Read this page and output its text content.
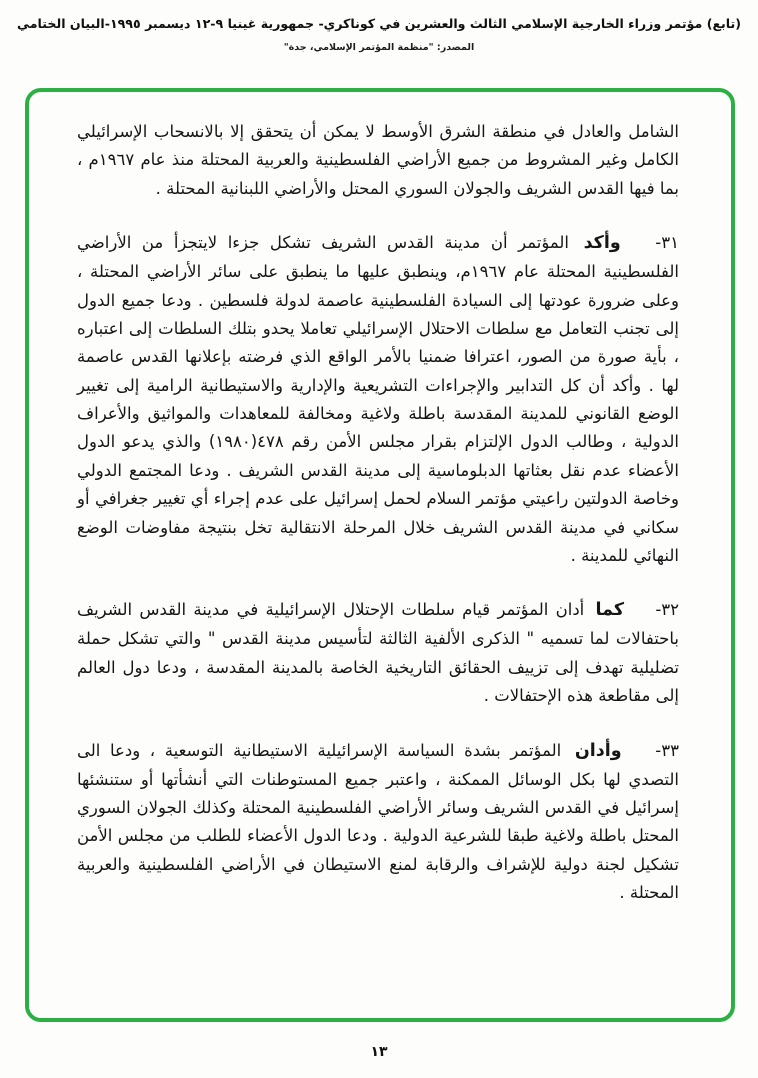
(تابع) مؤتمر وزراء الخارجية الإسلامي الثالث والعشرين في كوناكري- جمهورية غينيا ٩-١٢ ديسمبر ١٩٩٥-البيان الختامي
المصدر: "منظمة المؤتمر الإسلامي، جدة"

الشامل والعادل في منطقة الشرق الأوسط لا يمكن أن يتحقق إلا بالانسحاب الإسرائيلي الكامل وغير المشروط من جميع الأراضي الفلسطينية والعربية المحتلة منذ عام ١٩٦٧م ، بما فيها القدس الشريف والجولان السوري المحتل والأراضي اللبنانية المحتلة .

٣١- وأكد المؤتمر أن مدينة القدس الشريف تشكل جزءا لايتجزأ من الأراضي الفلسطينية المحتلة عام ١٩٦٧م، وينطبق عليها ما ينطبق على سائر الأراضي المحتلة ، وعلى ضرورة عودتها إلى السيادة الفلسطينية عاصمة لدولة فلسطين . ودعا جميع الدول إلى تجنب التعامل مع سلطات الاحتلال الإسرائيلي تعاملا يحدو بتلك السلطات إلى اعتباره ، بأية صورة من الصور، اعترافا ضمنيا بالأمر الواقع الذي فرضته بإعلانها القدس عاصمة لها . وأكد أن كل التدابير والإجراءات التشريعية والإدارية والاستيطانية الرامية إلى تغيير الوضع القانوني للمدينة المقدسة باطلة ولاغية ومخالفة للمعاهدات والمواثيق والأعراف الدولية ، وطالب الدول الإلتزام بقرار مجلس الأمن رقم ٤٧٨(١٩٨٠) والذي يدعو الدول الأعضاء عدم نقل بعثاتها الدبلوماسية إلى مدينة القدس الشريف . ودعا المجتمع الدولي وخاصة الدولتين راعيتي مؤتمر السلام لحمل إسرائيل على عدم إجراء أي تغيير جغرافي أو سكاني في مدينة القدس الشريف خلال المرحلة الانتقالية تخل بنتيجة مفاوضات الوضع النهائي للمدينة .

٣٢- كما أدان المؤتمر قيام سلطات الإحتلال الإسرائيلية في مدينة القدس الشريف باحتفالات لما تسميه " الذكرى الألفية الثالثة لتأسيس مدينة القدس " والتي تشكل حملة تضليلية تهدف إلى تزييف الحقائق التاريخية الخاصة بالمدينة المقدسة ، ودعا دول العالم إلى مقاطعة هذه الإحتفالات .

٣٣- وأدان المؤتمر بشدة السياسة الإسرائيلية الاستيطانية التوسعية ، ودعا الى التصدي لها بكل الوسائل الممكنة ، واعتبر جميع المستوطنات التي أنشأتها أو ستنشئها إسرائيل في القدس الشريف وسائر الأراضي الفلسطينية المحتلة وكذلك الجولان السوري المحتل باطلة ولاغية طبقا للشرعية الدولية . ودعا الدول الأعضاء للطلب من مجلس الأمن تشكيل لجنة دولية للإشراف والرقابة لمنع الاستيطان في الأراضي الفلسطينية والعربية المحتلة .

١٣
